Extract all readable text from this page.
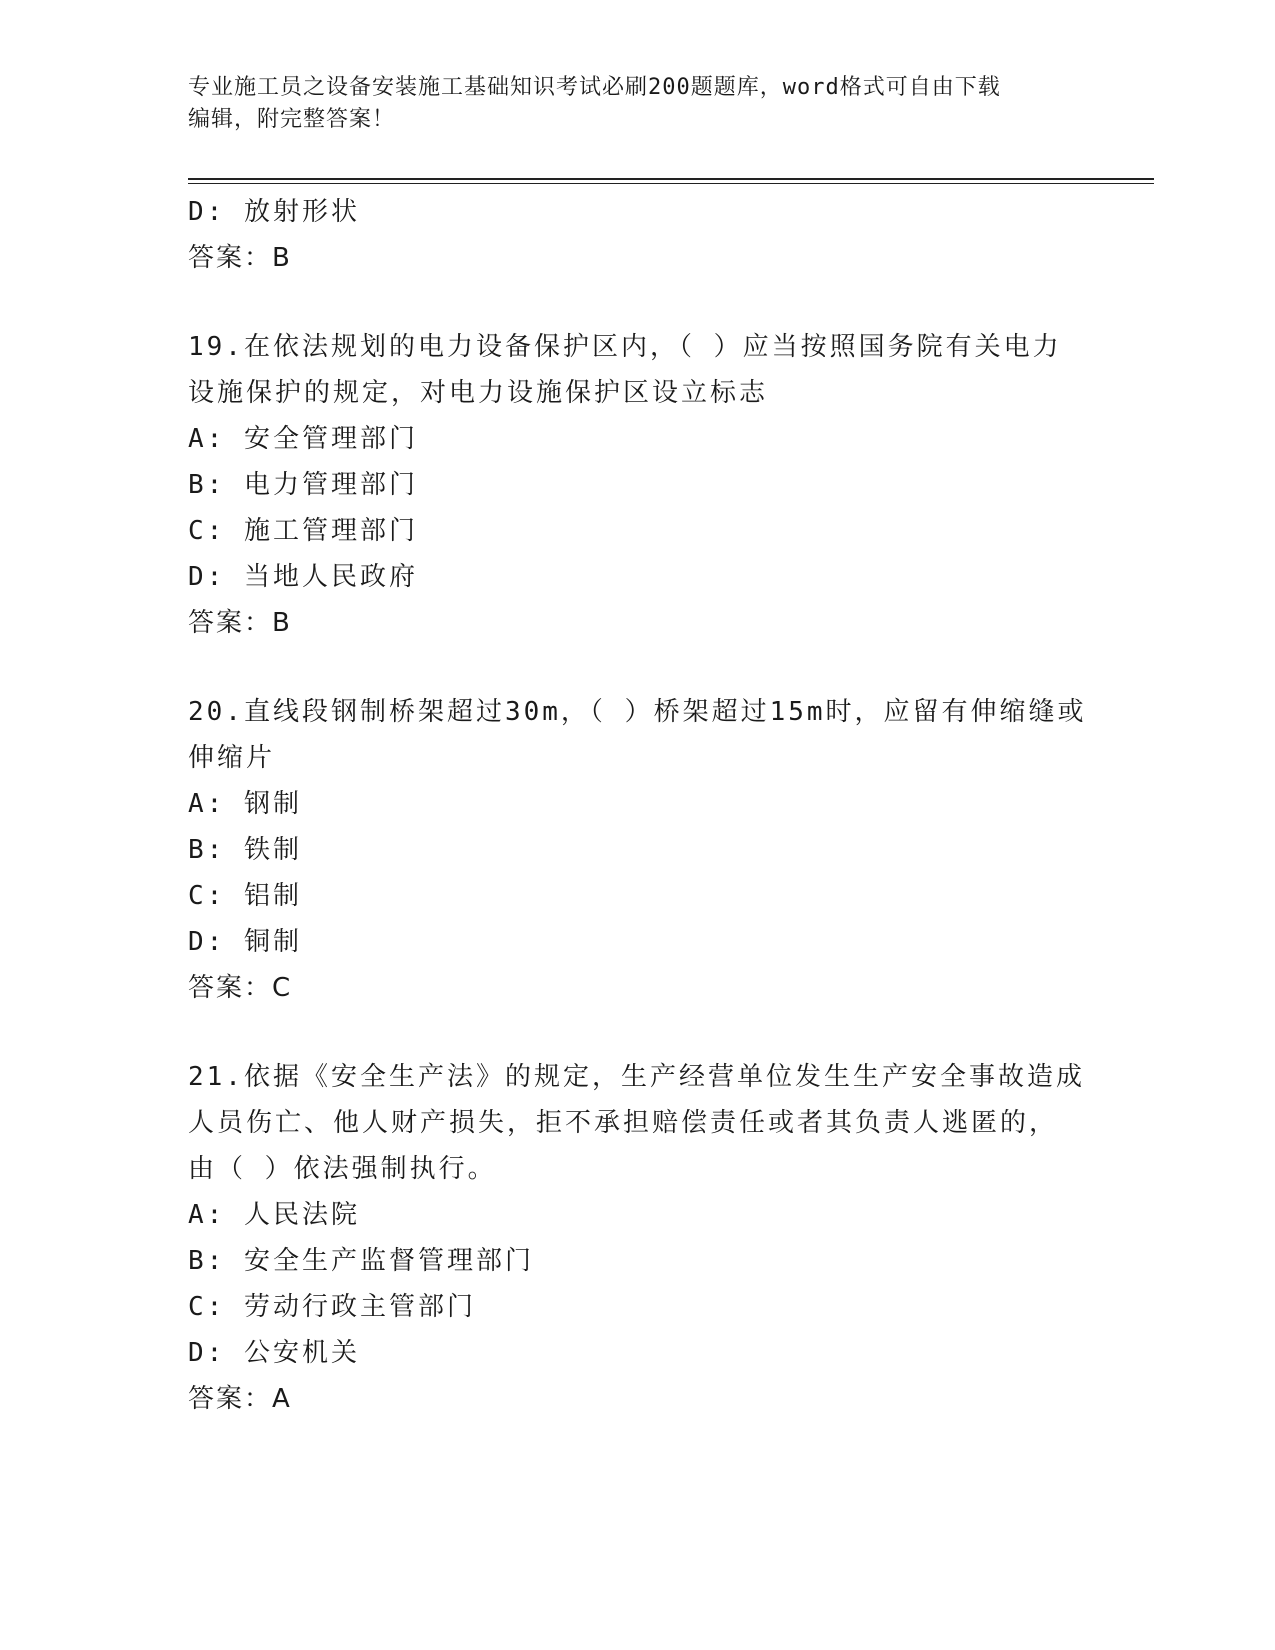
专业施工员之设备安装施工基础知识考试必刷200题题库，word格式可自由下载
编辑，附完整答案！
D: 放射形状
答案：B
19.在依法规划的电力设备保护区内，（ ）应当按照国务院有关电力
设施保护的规定，对电力设施保护区设立标志
A: 安全管理部门
B: 电力管理部门
C: 施工管理部门
D: 当地人民政府
答案：B
20.直线段钢制桥架超过30m，（ ）桥架超过15m时，应留有伸缩缝或
伸缩片
A: 钢制
B: 铁制
C: 铝制
D: 铜制
答案：C
21.依据《安全生产法》的规定，生产经营单位发生生产安全事故造成
人员伤亡、他人财产损失，拒不承担赔偿责任或者其负责人逃匿的，
由（ ）依法强制执行。
A: 人民法院
B: 安全生产监督管理部门
C: 劳动行政主管部门
D: 公安机关
答案：A
